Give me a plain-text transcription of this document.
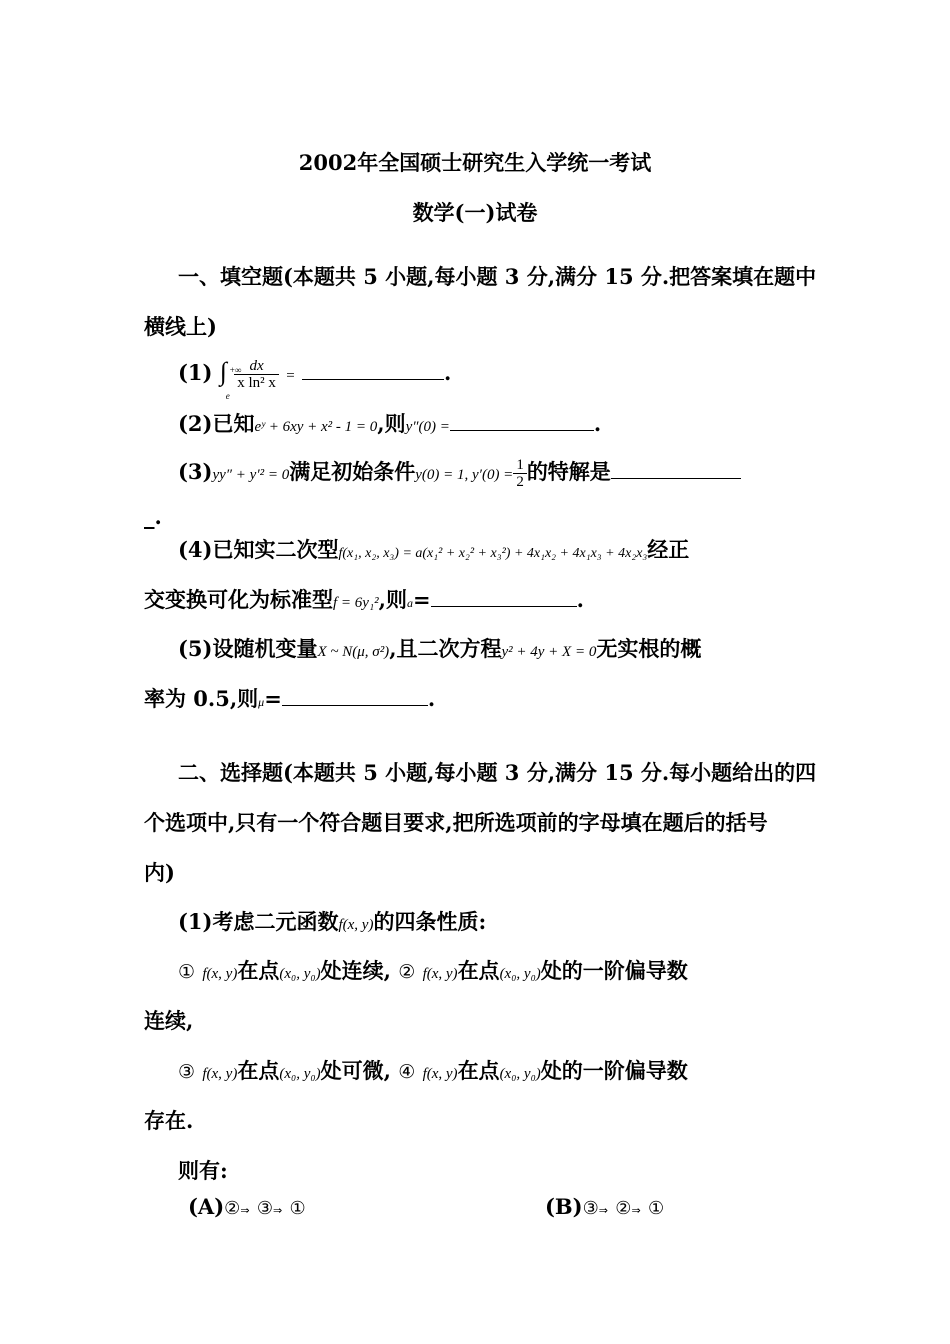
2002年全国硕士研究生入学统一考试
数学(一)试卷
一、填空题(本题共 5 小题,每小题 3 分,满分 15 分.把答案填在题中
横线上)
(1) ∫ +∞
e

$\frac{dx}{\text{x ln² x}}$ =	.
(2)已知eʸ + 6xy + x² - 1 = 0,则y″(0) =	.
(3)yy″ + y′² = 0满足初始条件y(0) = 1, $y'(0) = \frac{1}{2}$ 的特解是
_.
(4)已知实二次型f(x₁, x₂, x₃) = a(x₁² + x₂² + x₃²) + 4x₁x₂ + 4x₁x₃ + 4x₂x₃经正
交变换可化为标准型f = 6y₁²,则a=	.
(5)设随机变量X ~ N(μ, σ²),且二次方程y² + 4y + X = 0无实根的概
率为 0.5,则μ=	.
二、选择题(本题共 5 小题,每小题 3 分,满分 15 分.每小题给出的四
个选项中,只有一个符合题目要求,把所选项前的字母填在题后的括号
内)
(1)考虑二元函数f(x, y)的四条性质:
① f(x, y)在点(x₀, y₀)处连续, ② f(x, y)在点(x₀, y₀)处的一阶偏导数
连续,
③ f(x, y)在点(x₀, y₀)处可微, ④ f(x, y)在点(x₀, y₀)处的一阶偏导数
存在.
则有:
(A)②⇒ ③⇒ ①	(B)③⇒ ②⇒ ①
